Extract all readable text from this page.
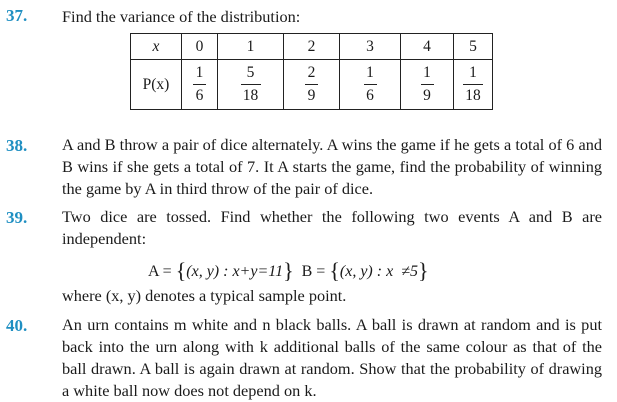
37. Find the variance of the distribution:
x	0	1	2	3	4	5
P(x)	$\frac{1}{6}$	$\frac{5}{18}$	$\frac{2}{9}$	$\frac{1}{6}$	$\frac{1}{9}$	$\frac{1}{18}$
38. A and B throw a pair of dice alternately. A wins the game if he gets a total of 6 and B wins if she gets a total of 7. It A starts the game, find the probability of winning the game by A in third throw of the pair of dice.
39. Two dice are tossed. Find whether the following two events A and B are independent:
A = {(x, y) : x+y=11} B = {(x, y) : x  ≠5}
where (x, y) denotes a typical sample point.
40. An urn contains m white and n black balls. A ball is drawn at random and is put back into the urn along with k additional balls of the same colour as that of the ball drawn. A ball is again drawn at random. Show that the probability of drawing a white ball now does not depend on k.
